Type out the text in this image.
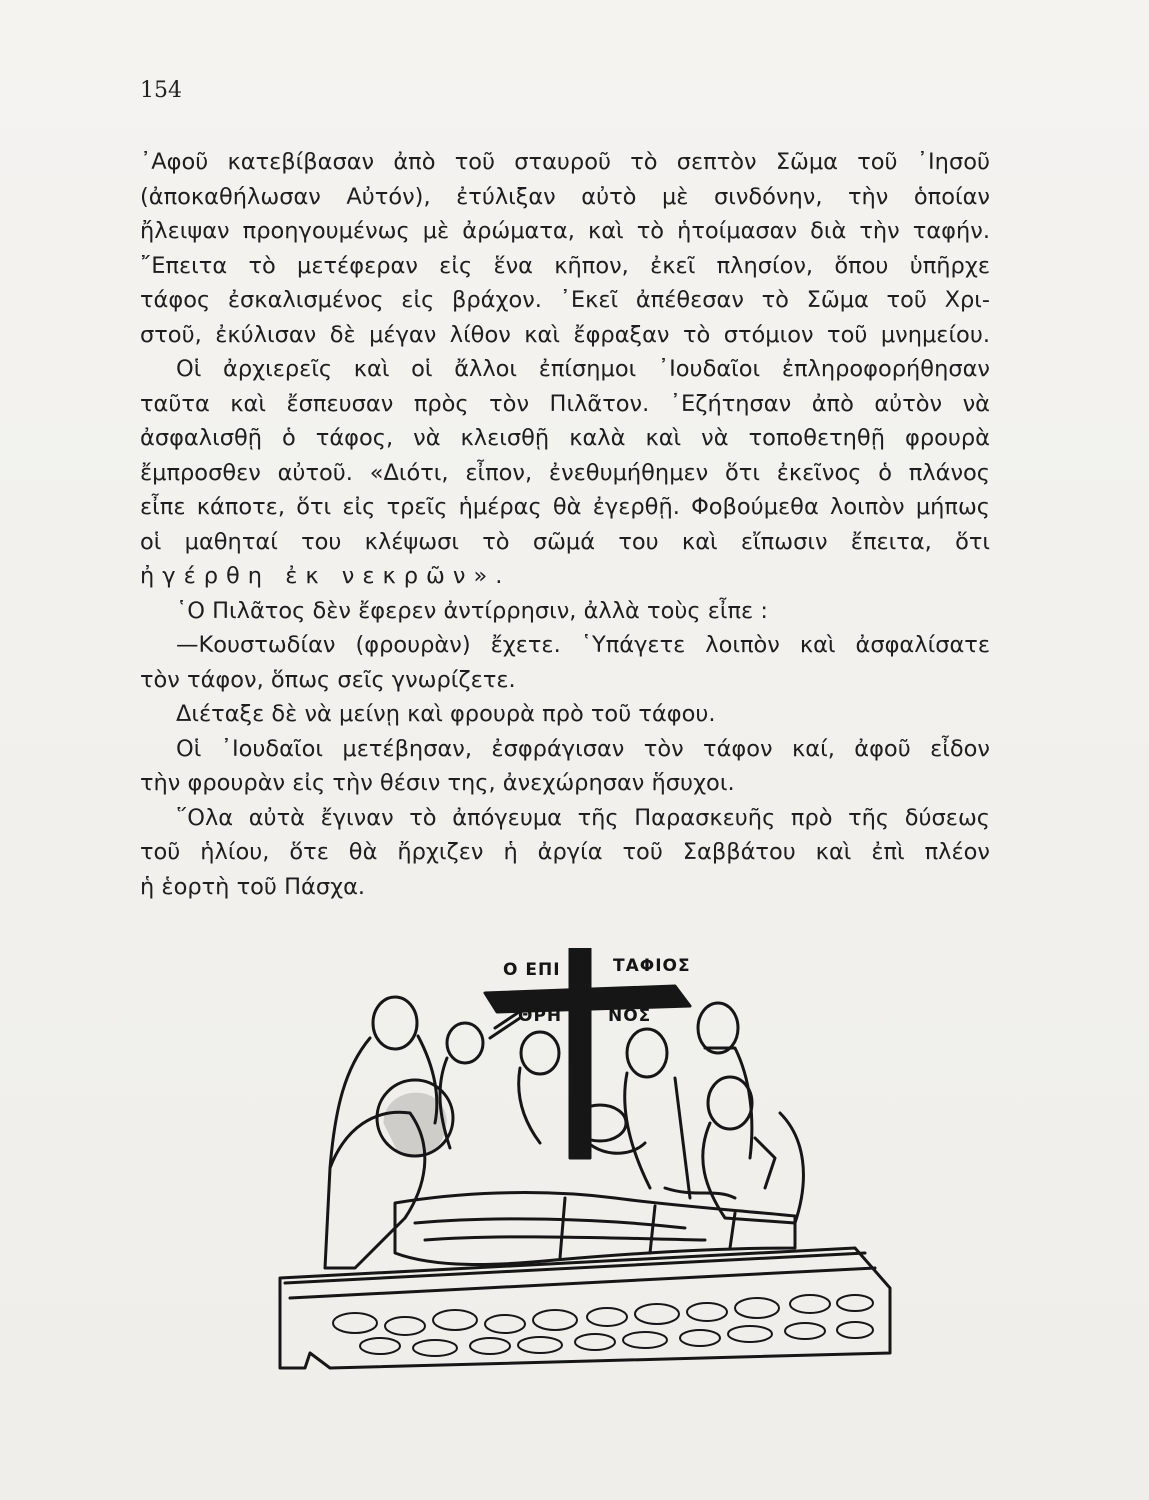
154
᾿Αφοῦ κατεβίβασαν ἀπὸ τοῦ σταυροῦ τὸ σεπτὸν Σῶμα τοῦ ᾿Ιησοῦ
(ἀποκαθήλωσαν Αὐτόν), ἐτύλιξαν αὐτὸ μὲ σινδόνην, τὴν ὁποίαν
ἤλειψαν προηγουμένως μὲ ἀρώματα, καὶ τὸ ἡτοίμασαν διὰ τὴν ταφήν.
῎Επειτα τὸ μετέφεραν εἰς ἕνα κῆπον, ἐκεῖ πλησίον, ὅπου ὑπῆρχε
τάφος ἐσκαλισμένος εἰς βράχον. ᾿Εκεῖ ἀπέθεσαν τὸ Σῶμα τοῦ Χρι-
στοῦ, ἐκύλισαν δὲ μέγαν λίθον καὶ ἔφραξαν τὸ στόμιον τοῦ μνημείου.
Οἱ ἀρχιερεῖς καὶ οἱ ἄλλοι ἐπίσημοι ᾿Ιουδαῖοι ἐπληροφορήθησαν
ταῦτα καὶ ἔσπευσαν πρὸς τὸν Πιλᾶτον. ᾿Εζήτησαν ἀπὸ αὐτὸν νὰ
ἀσφαλισθῇ ὁ τάφος, νὰ κλεισθῇ καλὰ καὶ νὰ τοποθετηθῇ φρουρὰ
ἔμπροσθεν αὐτοῦ. «Διότι, εἶπον, ἐνεθυμήθημεν ὅτι ἐκεῖνος ὁ πλάνος
εἶπε κάποτε, ὅτι εἰς τρεῖς ἡμέρας θὰ ἐγερθῇ. Φοβούμεθα λοιπὸν μήπως
οἱ μαθηταί του κλέψωσι τὸ σῶμά του καὶ εἴπωσιν ἔπειτα, ὅτι
ἠγέρθη ἐκ νεκρῶν».
῾Ο Πιλᾶτος δὲν ἔφερεν ἀντίρρησιν, ἀλλὰ τοὺς εἶπε :
—Κουστωδίαν (φρουρὰν) ἔχετε. ῾Υπάγετε λοιπὸν καὶ ἀσφαλίσατε
τὸν τάφον, ὅπως σεῖς γνωρίζετε.
Διέταξε δὲ νὰ μείνῃ καὶ φρουρὰ πρὸ τοῦ τάφου.
Οἱ ᾿Ιουδαῖοι μετέβησαν, ἐσφράγισαν τὸν τάφον καί, ἀφοῦ εἶδον
τὴν φρουρὰν εἰς τὴν θέσιν της, ἀνεχώρησαν ἥσυχοι.
῞Ολα αὐτὰ ἔγιναν τὸ ἀπόγευμα τῆς Παρασκευῆς πρὸ τῆς δύσεως
τοῦ ἡλίου, ὅτε θὰ ἤρχιζεν ἡ ἀργία τοῦ Σαββάτου καὶ ἐπὶ πλέον
ἡ ἑορτὴ τοῦ Πάσχα.
Ο ΕΠΙ	ΤΑΦΙΟΣ
ΘΡΗ	ΝΟΣ
